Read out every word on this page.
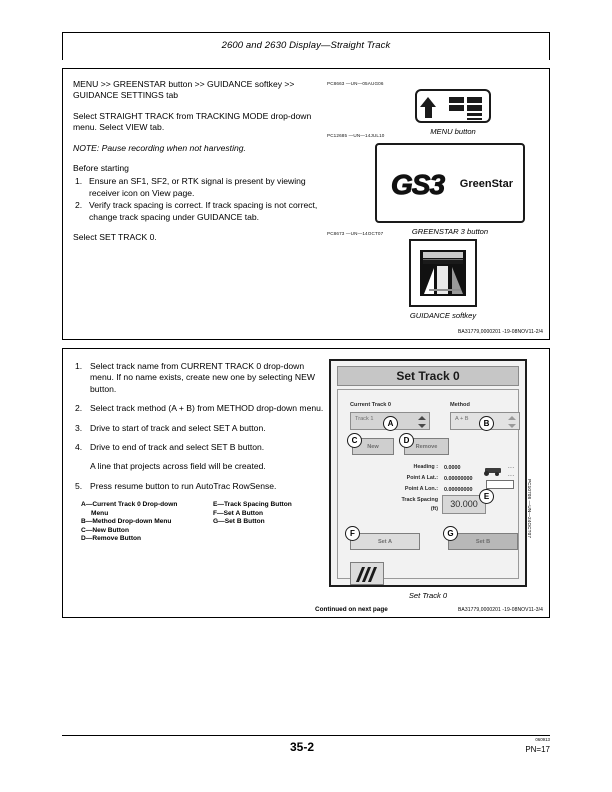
2600 and 2630 Display—Straight Track

MENU >> GREENSTAR button >> GUIDANCE softkey >> GUIDANCE SETTINGS tab

Select STRAIGHT TRACK from TRACKING MODE drop-down menu. Select VIEW tab.

NOTE: Pause recording when not harvesting.

Before starting

1. Ensure an SF1, SF2, or RTK signal is present by viewing receiver icon on View page.
2. Verify track spacing is correct. If track spacing is not correct, change track spacing under GUIDANCE tab.

Select SET TRACK 0.

PC8663 —UN—05AUG06
MENU button
PC12685 —UN—14JUL10
GS3 GreenStar
GREENSTAR 3 button
PC8673 —UN—14OCT07
GUIDANCE softkey
BA31779,0000201 -19-08NOV11-2/4
1. Select track name from CURRENT TRACK 0 drop-down menu. If no name exists, create new one by selecting NEW button.
2. Select track method (A + B) from METHOD drop-down menu.
3. Drive to start of track and select SET A button.
4. Drive to end of track and select SET B button.
A line that projects across field will be created.
5. Press resume button to run AutoTrac RowSense.
A—Current Track 0 Drop-down
Menu
B—Method Drop-down Menu
C—New Button
D—Remove Button
E—Track Spacing Button
F—Set A Button
G—Set B Button
Set Track 0
Current Track 0
Track 1
Method
A + B
New	Remove
Heading : 0.0000
Point A Lat.: 0.00000000
Point A Lon.: 0.00000000
Track Spacing
(ft)	30.000
...
...
Set A	Set B
A	B
C	D
E
F	G
Set Track 0
PC10708 —UN—24OCT07
Continued on next page	BA31779,0000201 -19-08NOV11-3/4
35-2
060913
PN=17
